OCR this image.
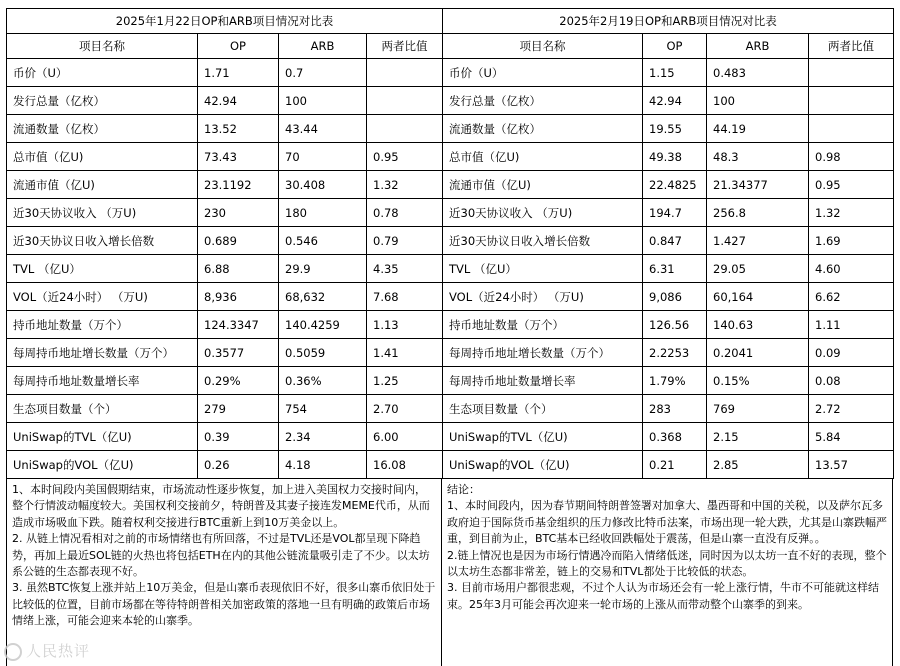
2025年1月22日OP和ARB项目情况对比表			
项目名称	OP	ARB	两者比值
币价（U）	1.71	0.7	
发行总量（亿枚）	42.94	100	
流通数量（亿枚）	13.52	43.44	
总市值（亿U)	73.43	70	0.95
流通市值（亿U)	23.1192	30.408	1.32
近30天协议收入 （万U)	230	180	0.78
近30天协议日收入增长倍数	0.689	0.546	0.79
TVL （亿U）	6.88	29.9	4.35
VOL（近24小时） （万U)	8,936	68,632	7.68
持币地址数量（万个）	124.3347	140.4259	1.13
每周持币地址增长数量（万个）	0.3577	0.5059	1.41
每周持币地址数量增长率	0.29%	0.36%	1.25
生态项目数量（个）	279	754	2.70
UniSwap的TVL（亿U)	0.39	2.34	6.00
UniSwap的VOL（亿U)	0.26	4.18	16.08

1、本时间段内美国假期结束，市场流动性逐步恢复，加上进入美国权力交接时间内，整个行情波动幅度较大。美国权利交接前夕，特朗普及其妻子接连发MEME代币，从而造成市场吸血下跌。随着权利交接进行BTC重新上到10万美金以上。

2. 从链上情况看相对之前的市场情绪也有所回落，不过是TVL还是VOL都呈现下降趋势，再加上最近SOL链的火热也将包括ETH在内的其他公链流量吸引走了不少。以太坊系公链的生态都表现不好。

3. 虽然BTC恢复上涨并站上10万美金，但是山寨币表现依旧不好，很多山寨币依旧处于比较低的位置，目前市场都在等待特朗普相关加密政策的落地一旦有明确的政策后市场情绪上涨，可能会迎来本轮的山寨季。

2025年2月19日OP和ARB项目情况对比表			
项目名称	OP	ARB	两者比值
币价（U）	1.15	0.483	
发行总量（亿枚）	42.94	100	
流通数量（亿枚）	19.55	44.19	
总市值（亿U)	49.38	48.3	0.98
流通市值（亿U)	22.4825	21.34377	0.95
近30天协议收入 （万U)	194.7	256.8	1.32
近30天协议日收入增长倍数	0.847	1.427	1.69
TVL （亿U）	6.31	29.05	4.60
VOL（近24小时） （万U)	9,086	60,164	6.62
持币地址数量（万个）	126.56	140.63	1.11
每周持币地址增长数量（万个）	2.2253	0.2041	0.09
每周持币地址数量增长率	1.79%	0.15%	0.08
生态项目数量（个）	283	769	2.72
UniSwap的TVL（亿U)	0.368	2.15	5.84
UniSwap的VOL（亿U)	0.21	2.85	13.57

结论：

1、本时间段内，因为春节期间特朗普签署对加拿大、墨西哥和中国的关税，以及萨尔瓦多政府迫于国际货币基金组织的压力修改比特币法案，市场出现一轮大跌，尤其是山寨跌幅严重，到目前为止，BTC基本已经收回跌幅处于震荡，但是山寨一直没有反弹。。

2.链上情况也是因为市场行情遇冷而陷入情绪低迷，同时因为以太坊一直不好的表现，整个以太坊生态都非常差，链上的交易和TVL都处于比较低的状态。

3. 目前市场用户都很悲观，不过个人认为市场还会有一轮上涨行情，牛市不可能就这样结束。25年3月可能会再次迎来一轮市场的上涨从而带动整个山寨季的到来。

人民热评
